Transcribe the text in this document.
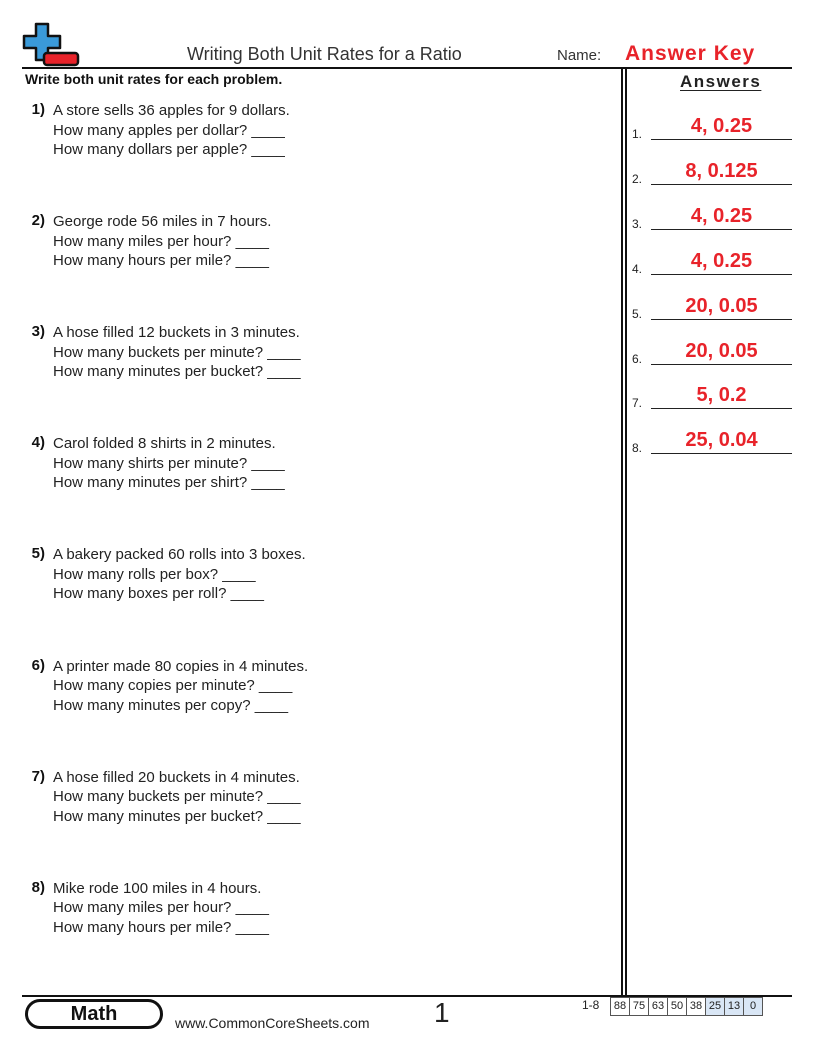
Writing Both Unit Rates for a Ratio	Name: Answer Key
Write both unit rates for each problem.	Answers
1.	4, 0.25
2.	8, 0.125
3.	4, 0.25
4.	4, 0.25
5.	20, 0.05
6.	20, 0.05
7.	5, 0.2
8.	25, 0.04
1) A store sells 36 apples for 9 dollars.
How many apples per dollar? ____
How many dollars per apple? ____
2) George rode 56 miles in 7 hours.
How many miles per hour? ____
How many hours per mile? ____
3) A hose filled 12 buckets in 3 minutes.
How many buckets per minute? ____
How many minutes per bucket? ____
4) Carol folded 8 shirts in 2 minutes.
How many shirts per minute? ____
How many minutes per shirt? ____
5) A bakery packed 60 rolls into 3 boxes.
How many rolls per box? ____
How many boxes per roll? ____
6) A printer made 80 copies in 4 minutes.
How many copies per minute? ____
How many minutes per copy? ____
7) A hose filled 20 buckets in 4 minutes.
How many buckets per minute? ____
How many minutes per bucket? ____
8) Mike rode 100 miles in 4 hours.
How many miles per hour? ____
How many hours per mile? ____
Math	www.CommonCoreSheets.com 1	1-8 88 75 63 50 38 25 13 0
